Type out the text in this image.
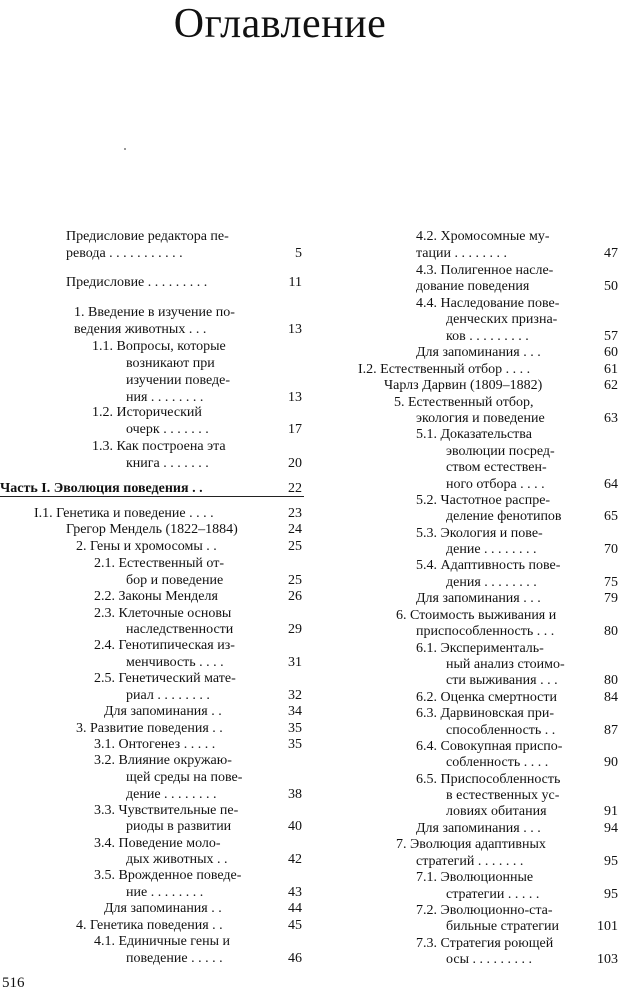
Оглавление
Предисловие редактора пе-
ревода . . . . . . . . . . .	5
Предисловие . . . . . . . . .	11
1. Введение в изучение по-
ведения животных . . .	13
1.1. Вопросы, которые
возникают при
изучении поведе-
ния . . . . . . . .	13
1.2. Исторический
очерк . . . . . . .	17
1.3. Как построена эта
книга . . . . . . .	20
Часть I. Эволюция поведения . .	22
I.1. Генетика и поведение . . . .	23
Грегор Мендель (1822–1884)	24
2. Гены и хромосомы . .	25
2.1. Естественный от-
бор и поведение	25
2.2. Законы Менделя	26
2.3. Клеточные основы
наследственности	29
2.4. Генотипическая из-
менчивость . . . .	31
2.5. Генетический мате-
риал . . . . . . . .	32
Для запоминания . .	34
3. Развитие поведения . .	35
3.1. Онтогенез . . . . .	35
3.2. Влияние окружаю-
щей среды на пове-
дение . . . . . . . .	38
3.3. Чувствительные пе-
риоды в развитии	40
3.4. Поведение моло-
дых животных . .	42
3.5. Врожденное поведе-
ние . . . . . . . .	43
Для запоминания . .	44
4. Генетика поведения . .	45
4.1. Единичные гены и
поведение . . . . .	46
4.2. Хромосомные му-
тации . . . . . . . .	47
4.3. Полигенное насле-
дование поведения	50
4.4. Наследование пове-
денческих призна-
ков . . . . . . . . .	57
Для запоминания . . .	60
I.2. Естественный отбор . . . .	61
Чарлз Дарвин (1809–1882)	62
5. Естественный отбор,
экология и поведение	63
5.1. Доказательства
эволюции посред-
ством естествен-
ного отбора . . . .	64
5.2. Частотное распре-
деление фенотипов	65
5.3. Экология и пове-
дение . . . . . . . .	70
5.4. Адаптивность пове-
дения . . . . . . . .	75
Для запоминания . . .	79
6. Стоимость выживания и
приспособленность . . .	80
6.1. Эксперименталь-
ный анализ стоимо-
сти выживания . . .	80
6.2. Оценка смертности	84
6.3. Дарвиновская при-
способленность . .	87
6.4. Совокупная приспо-
собленность . . . .	90
6.5. Приспособленность
в естественных ус-
ловиях обитания	91
Для запоминания . . .	94
7. Эволюция адаптивных
стратегий . . . . . . .	95
7.1. Эволюционные
стратегии . . . . .	95
7.2. Эволюционно-ста-
бильные стратегии	101
7.3. Стратегия роющей
осы . . . . . . . . .	103
516
